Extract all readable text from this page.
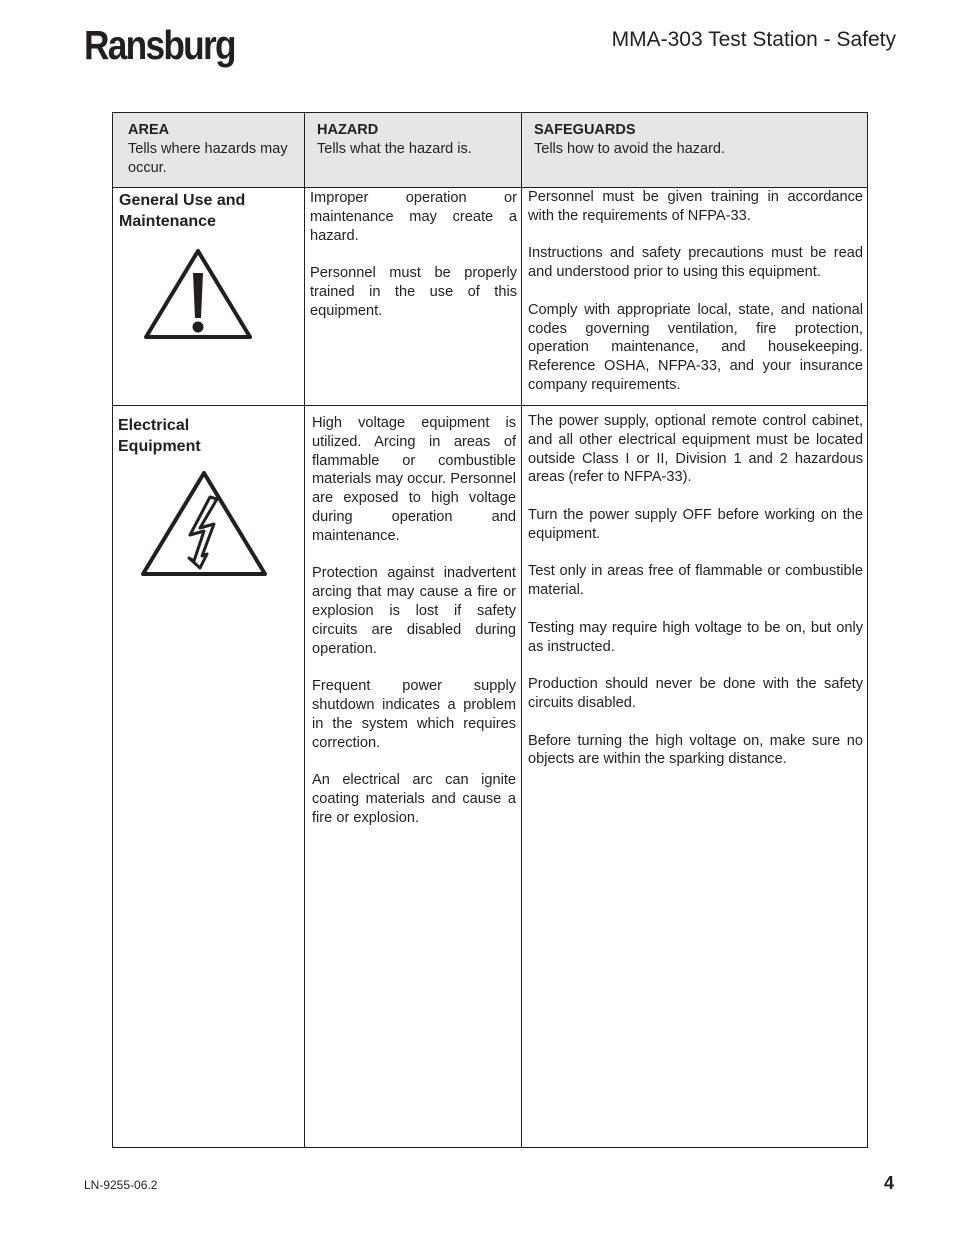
Ransburg	MMA-303 Test Station - Safety
AREA
Tells where hazards may occur.
HAZARD
Tells what the hazard is.
SAFEGUARDS
Tells how to avoid the hazard.
General Use and Maintenance

Improper operation or maintenance may create a hazard.

Personnel must be properly trained in the use of this equipment.

Personnel must be given training in accordance with the requirements of NFPA-33.

Instructions and safety precautions must be read and understood prior to using this equipment.

Comply with appropriate local, state, and national codes governing ventilation, fire protection, operation maintenance, and housekeeping. Reference OSHA, NFPA-33, and your insurance company requirements.

Electrical Equipment

High voltage equipment is utilized. Arcing in areas of flammable or combustible materials may occur. Personnel are exposed to high voltage during operation and maintenance.

Protection against inadvertent arcing that may cause a fire or explosion is lost if safety circuits are disabled during operation.

Frequent power supply shutdown indicates a problem in the system which requires correction.

An electrical arc can ignite coating materials and cause a fire or explosion.

The power supply, optional remote control cabinet, and all other electrical equipment must be located outside Class I or II, Division 1 and 2 hazardous areas (refer to NFPA-33).

Turn the power supply OFF before working on the equipment.

Test only in areas free of flammable or combustible material.

Testing may require high voltage to be on, but only as instructed.

Production should never be done with the safety circuits disabled.

Before turning the high voltage on, make sure no objects are within the sparking distance.

LN-9255-06.2	4
